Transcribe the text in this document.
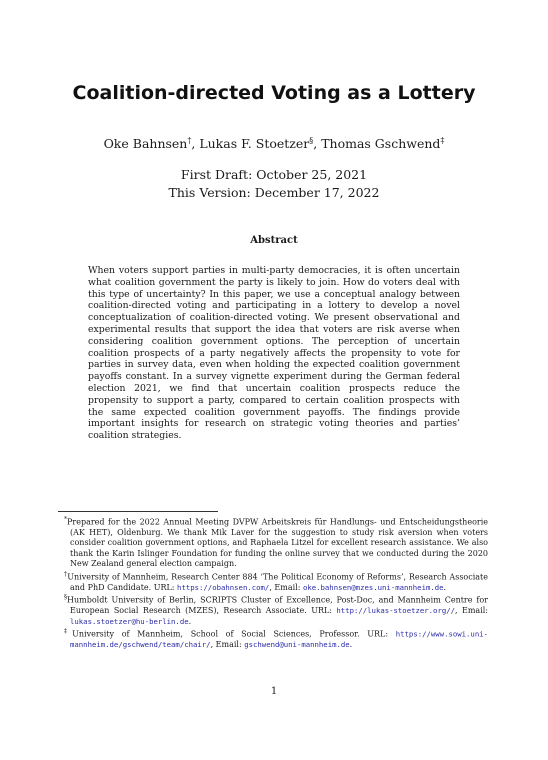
Coalition-directed Voting as a Lottery
Oke Bahnsen†, Lukas F. Stoetzer§, Thomas Gschwend‡
First Draft: October 25, 2021
This Version: December 17, 2022
Abstract
When voters support parties in multi-party democracies, it is often uncertain what coalition government the party is likely to join. How do voters deal with this type of uncertainty? In this paper, we use a conceptual analogy between coalition-directed voting and participating in a lottery to develop a novel conceptualization of coalition-directed voting. We present observational and experimental results that support the idea that voters are risk averse when considering coalition government options. The perception of uncertain coalition prospects of a party negatively affects the propensity to vote for parties in survey data, even when holding the expected coalition government payoffs constant. In a survey vignette experiment during the German federal election 2021, we find that uncertain coalition prospects reduce the propensity to support a party, compared to certain coalition prospects with the same expected coalition government payoffs. The findings provide important insights for research on strategic voting theories and parties’ coalition strategies.

*Prepared for the 2022 Annual Meeting DVPW Arbeitskreis für Handlungs- und Entscheidungstheorie (AK HET), Oldenburg. We thank Mik Laver for the suggestion to study risk aversion when voters consider coalition government options, and Raphaela Litzel for excellent research assistance. We also thank the Karin Islinger Foundation for funding the online survey that we conducted during the 2020 New Zealand general election campaign.

†University of Mannheim, Research Center 884 ‘The Political Economy of Reforms’, Research Associate and PhD Candidate. URL: https://obahnsen.com/, Email: oke.bahnsen@mzes.uni-mannheim.de.

§Humboldt University of Berlin, SCRIPTS Cluster of Excellence, Post-Doc, and Mannheim Centre for European Social Research (MZES), Research Associate. URL: http://lukas-stoetzer.org//, Email: lukas.stoetzer@hu-berlin.de.

‡University of Mannheim, School of Social Sciences, Professor. URL: https://www.sowi.uni-mannheim.de/gschwend/team/chair/, Email: gschwend@uni-mannheim.de.

1
